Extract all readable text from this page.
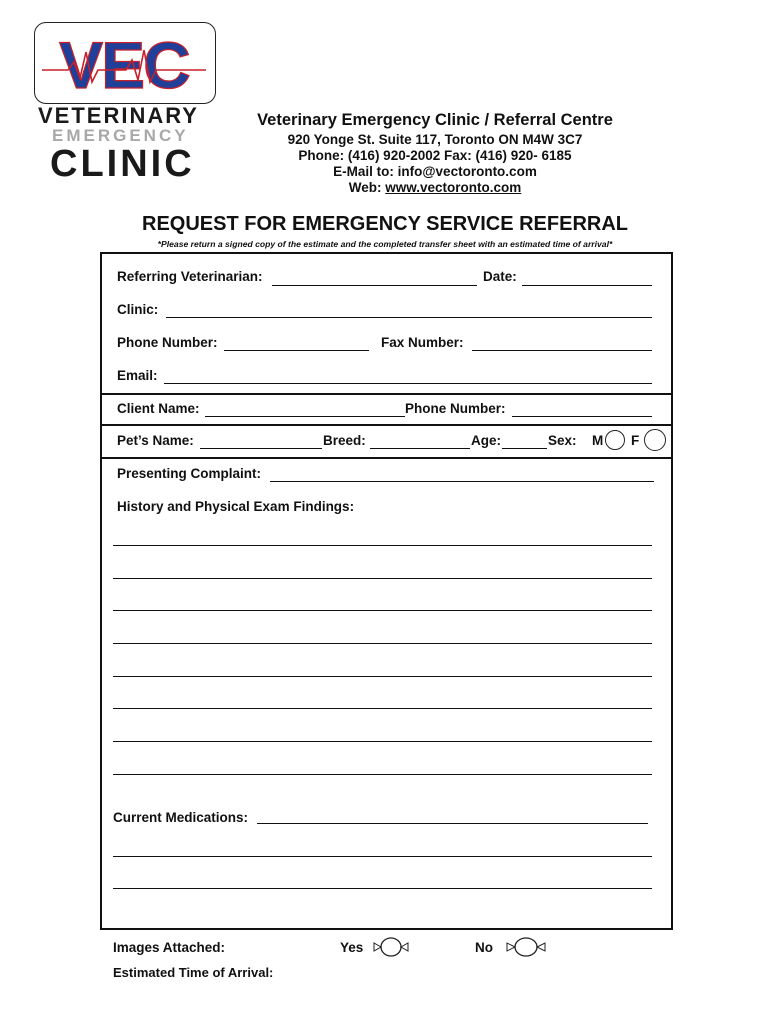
VEC
VETERINARY
EMERGENCY
CLINIC
Veterinary Emergency Clinic / Referral Centre
920 Yonge St. Suite 117, Toronto ON M4W 3C7
Phone: (416) 920-2002 Fax: (416) 920- 6185
E-Mail to: info@vectoronto.com
Web: www.vectoronto.com
REQUEST FOR EMERGENCY SERVICE REFERRAL
*Please return a signed copy of the estimate and the completed transfer sheet with an estimated time of arrival*
Referring Veterinarian:	Date:
Clinic:
Phone Number:	Fax Number:
Email:
Client Name:	Phone Number:
Pet’s Name:	Breed:	Age:	Sex: M F
Presenting Complaint:
History and Physical Exam Findings:
Current Medications:
Images Attached:	Yes	No
Estimated Time of Arrival:
